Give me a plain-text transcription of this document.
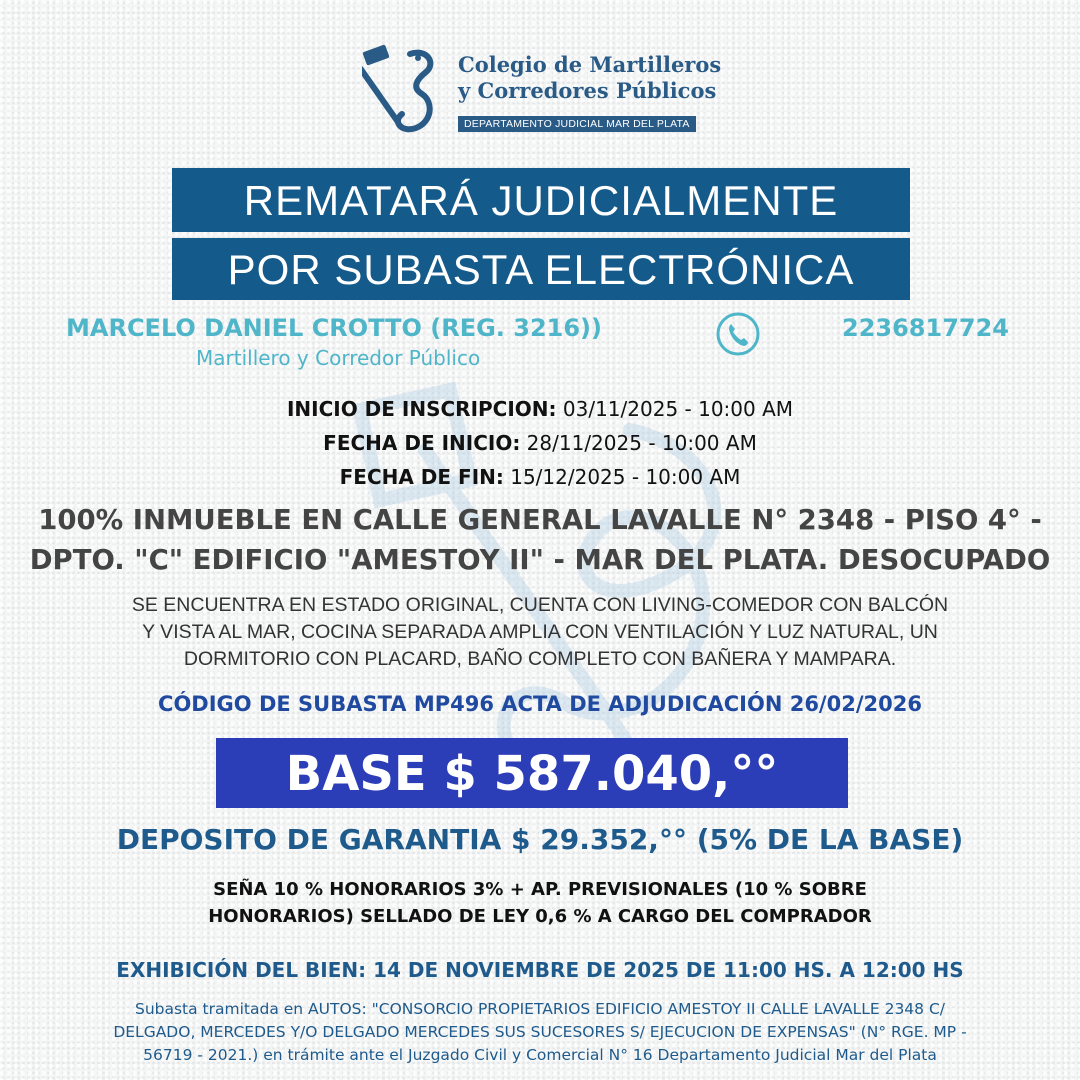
Colegio de Martilleros
y Corredores Públicos
DEPARTAMENTO JUDICIAL MAR DEL PLATA
REMATARÁ JUDICIALMENTE
POR SUBASTA ELECTRÓNICA
MARCELO DANIEL CROTTO (REG. 3216))
Martillero y Corredor Público
2236817724
INICIO DE INSCRIPCION: 03/11/2025 - 10:00 AM
FECHA DE INICIO: 28/11/2025 - 10:00 AM
FECHA DE FIN: 15/12/2025 - 10:00 AM
100% INMUEBLE EN CALLE GENERAL LAVALLE N° 2348 - PISO 4° -
DPTO. "C" EDIFICIO "AMESTOY II" - MAR DEL PLATA. DESOCUPADO
SE ENCUENTRA EN ESTADO ORIGINAL, CUENTA CON LIVING-COMEDOR CON BALCÓN
Y VISTA AL MAR, COCINA SEPARADA AMPLIA CON VENTILACIÓN Y LUZ NATURAL, UN
DORMITORIO CON PLACARD, BAÑO COMPLETO CON BAÑERA Y MAMPARA.
CÓDIGO DE SUBASTA MP496 ACTA DE ADJUDICACIÓN 26/02/2026
BASE $ 587.040,°°
DEPOSITO DE GARANTIA $ 29.352,°° (5% DE LA BASE)
SEÑA 10 % HONORARIOS 3% + AP. PREVISIONALES (10 % SOBRE
HONORARIOS) SELLADO DE LEY 0,6 % A CARGO DEL COMPRADOR
EXHIBICIÓN DEL BIEN: 14 DE NOVIEMBRE DE 2025 DE 11:00 HS. A 12:00 HS
Subasta tramitada en AUTOS: "CONSORCIO PROPIETARIOS EDIFICIO AMESTOY II CALLE LAVALLE 2348 C/
DELGADO, MERCEDES Y/O DELGADO MERCEDES SUS SUCESORES S/ EJECUCION DE EXPENSAS" (N° RGE. MP -
56719 - 2021.) en trámite ante el Juzgado Civil y Comercial N° 16 Departamento Judicial Mar del Plata
